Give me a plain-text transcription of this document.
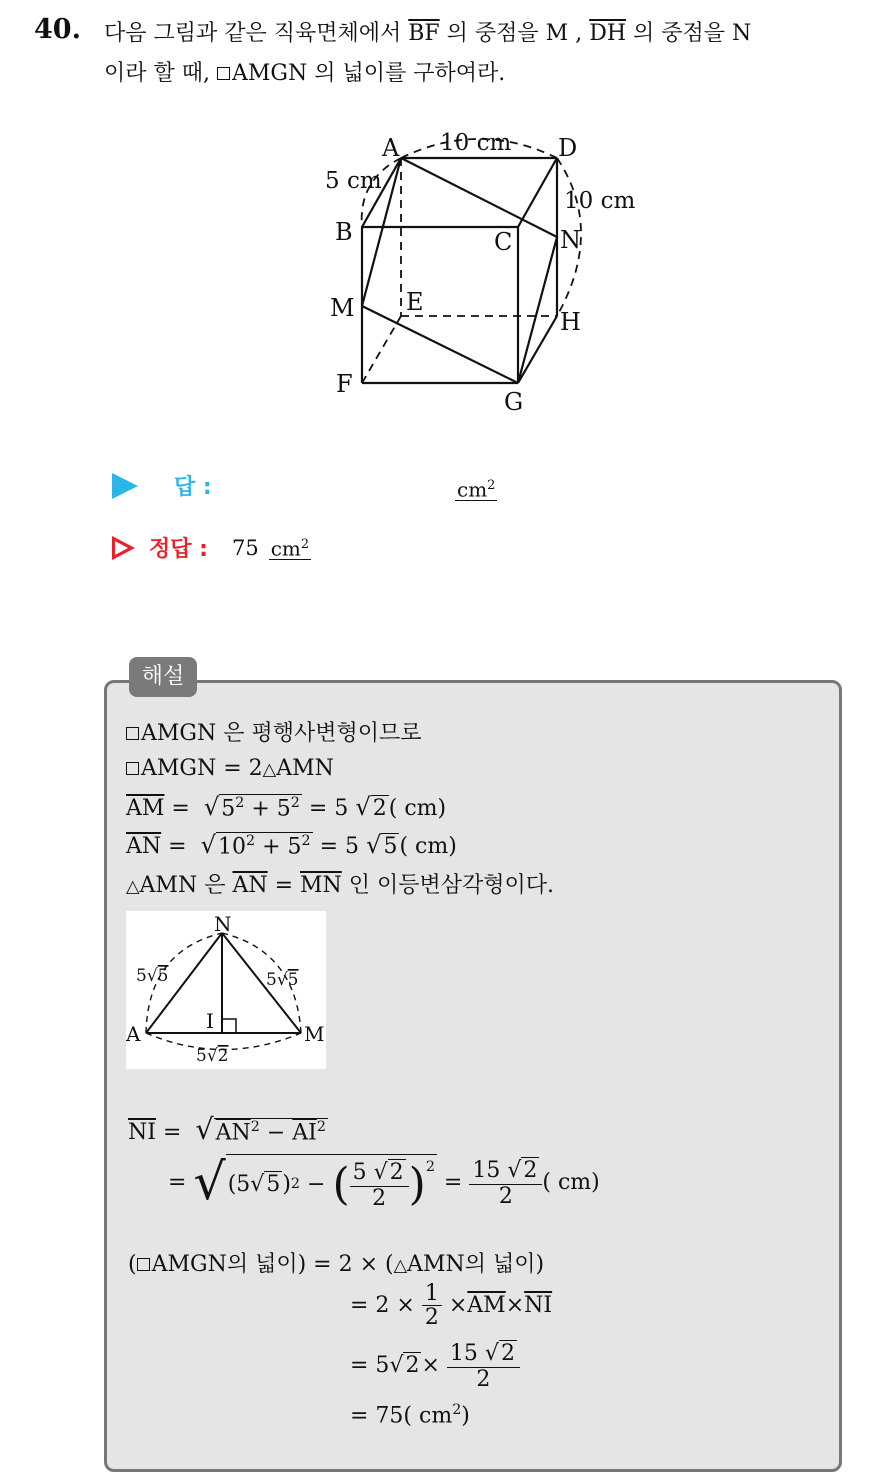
40. 다음 그림과 같은 직육면체에서 $\overline{BF}$ 의 중점을 M , $\overline{DH}$ 의 중점을 N
이라 할 때, AMGN 의 넓이를 구하여라.
A	D
B	C N
M E
H
F
G
10 cm
10 cm
5 cm
답 :	$cm^2$
정답 : 75 $cm^2$
해설
AMGN 은 평행사변형이므로
AMGN = 2△AMN
$\overline{AM} = √5^2 + 5^2 = 5$ √2( cm)
$\overline{AN} = √10^2 + 5^2 = 5$ √5( cm)
△AMN 은 $\overline{AN} = \overline{MN}$ 인 이등변삼각형이다.
N
A	M
I
5√5	5√5
5√2
$\overline{NI} = √AN^2 - \overline{AI}^2$
= √ (5 √ 5 ) 2 − ( $\frac{5 √2}{2}$ ) 2
= $\frac{15 √2}{2}$ ( cm)
( AMGN의 넓이) = 2 × (△AMN의 넓이)
= 2 ×
$\frac{1}{2}$
× $\overline{AM} \times \overline{NI}$
= 5 √ 2 ×
$\frac{15 √2}{2}$
= 75( $cm^2$)
